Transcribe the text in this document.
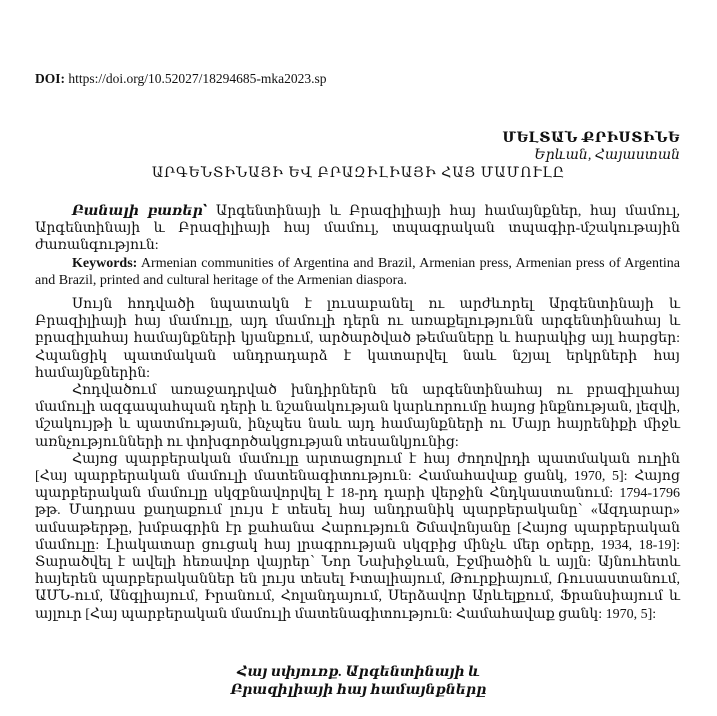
DOI: https://doi.org/10.52027/18294685-mka2023.sp
ՄԵԼՏԱՆ ՔՐԻՍՏԻՆԵ
Երևան, Հայաստան
ԱՐԳԵՆՏԻՆԱՅԻ ԵՎ ԲՐԱԶԻԼԻԱՅԻ ՀԱՅ ՄԱՄՈՒԼԸ

Բանալի բառեր՝ Արգենտինայի և Բրազիլիայի հայ համայնքներ, հայ մամուլ, Արգենտինայի և Բրազիլիայի հայ մամուլ, տպագրական տպագիր-մշակութային ժառանգություն:

Keywords: Armenian communities of Argentina and Brazil, Armenian press, Armenian press of Argentina and Brazil, printed and cultural heritage of the Armenian diaspora.

Սույն հոդվածի նպատակն է լուսաբանել ու արժևորել Արգենտինայի և Բրազիլիայի հայ մամուլը, այդ մամուլի դերն ու առաքելությունն արգենտինահայ և բրազիլահայ համայնքների կյանքում, արծարծված թեմաները և հարակից այլ հարցեր: Հպանցիկ պատմական անդրադարձ է կատարվել նաև նշյալ երկրների հայ համայնքներին:

Հոդվածում առաջադրված խնդիրներն են արգենտինահայ ու բրազիլահայ մամուլի ազգապահպան դերի և նշանակության կարևորումը հայոց ինքնության, լեզվի, մշակույթի և պատմության, ինչպես նաև այդ համայնքների ու Մայր հայրենիքի միջև առնչությունների ու փոխգործակցության տեսանկյունից:

Հայոց պարբերական մամուլը արտացոլում է հայ ժողովրդի պատմական ուղին [Հայ պարբերական մամուլի մատենագիտություն: Համահավաք ցանկ, 1970, 5]: Հայոց պարբերական մամուլը սկզբնավորվել է 18-րդ դարի վերջին Հնդկաստանում: 1794-1796 թթ. Մադրաս քաղաքում լույս է տեսել հայ անդրանիկ պարբերականը՝ «Ազդարար» ամսաթերթը, խմբագրին էր քահանա Հարություն Շմավոնյանը [Հայոց պարբերական մամուլը: Լիակատար ցուցակ հայ լրագրության սկզբից մինչև մեր օրերը, 1934, 18-19]: Տարածվել է ավելի հեռավոր վայրեր՝ Նոր Նախիջևան, Էջմիածին և այլն: Այնուհետև հայերեն պարբերականներ են լույս տեսել Իտալիայում, Թուրքիայում, Ռուսաստանում, ԱՄՆ-ում, Անգլիայում, Իրանում, Հոլանդայում, Սերձավոր Արևելքում, Ֆրանսիայում և այլուր [Հայ պարբերական մամուլի մատենագիտություն: Համահավաք ցանկ: 1970, 5]:

Հայ սփյուռք. Արգենտինայի և
Բրազիլիայի հայ համայնքները
